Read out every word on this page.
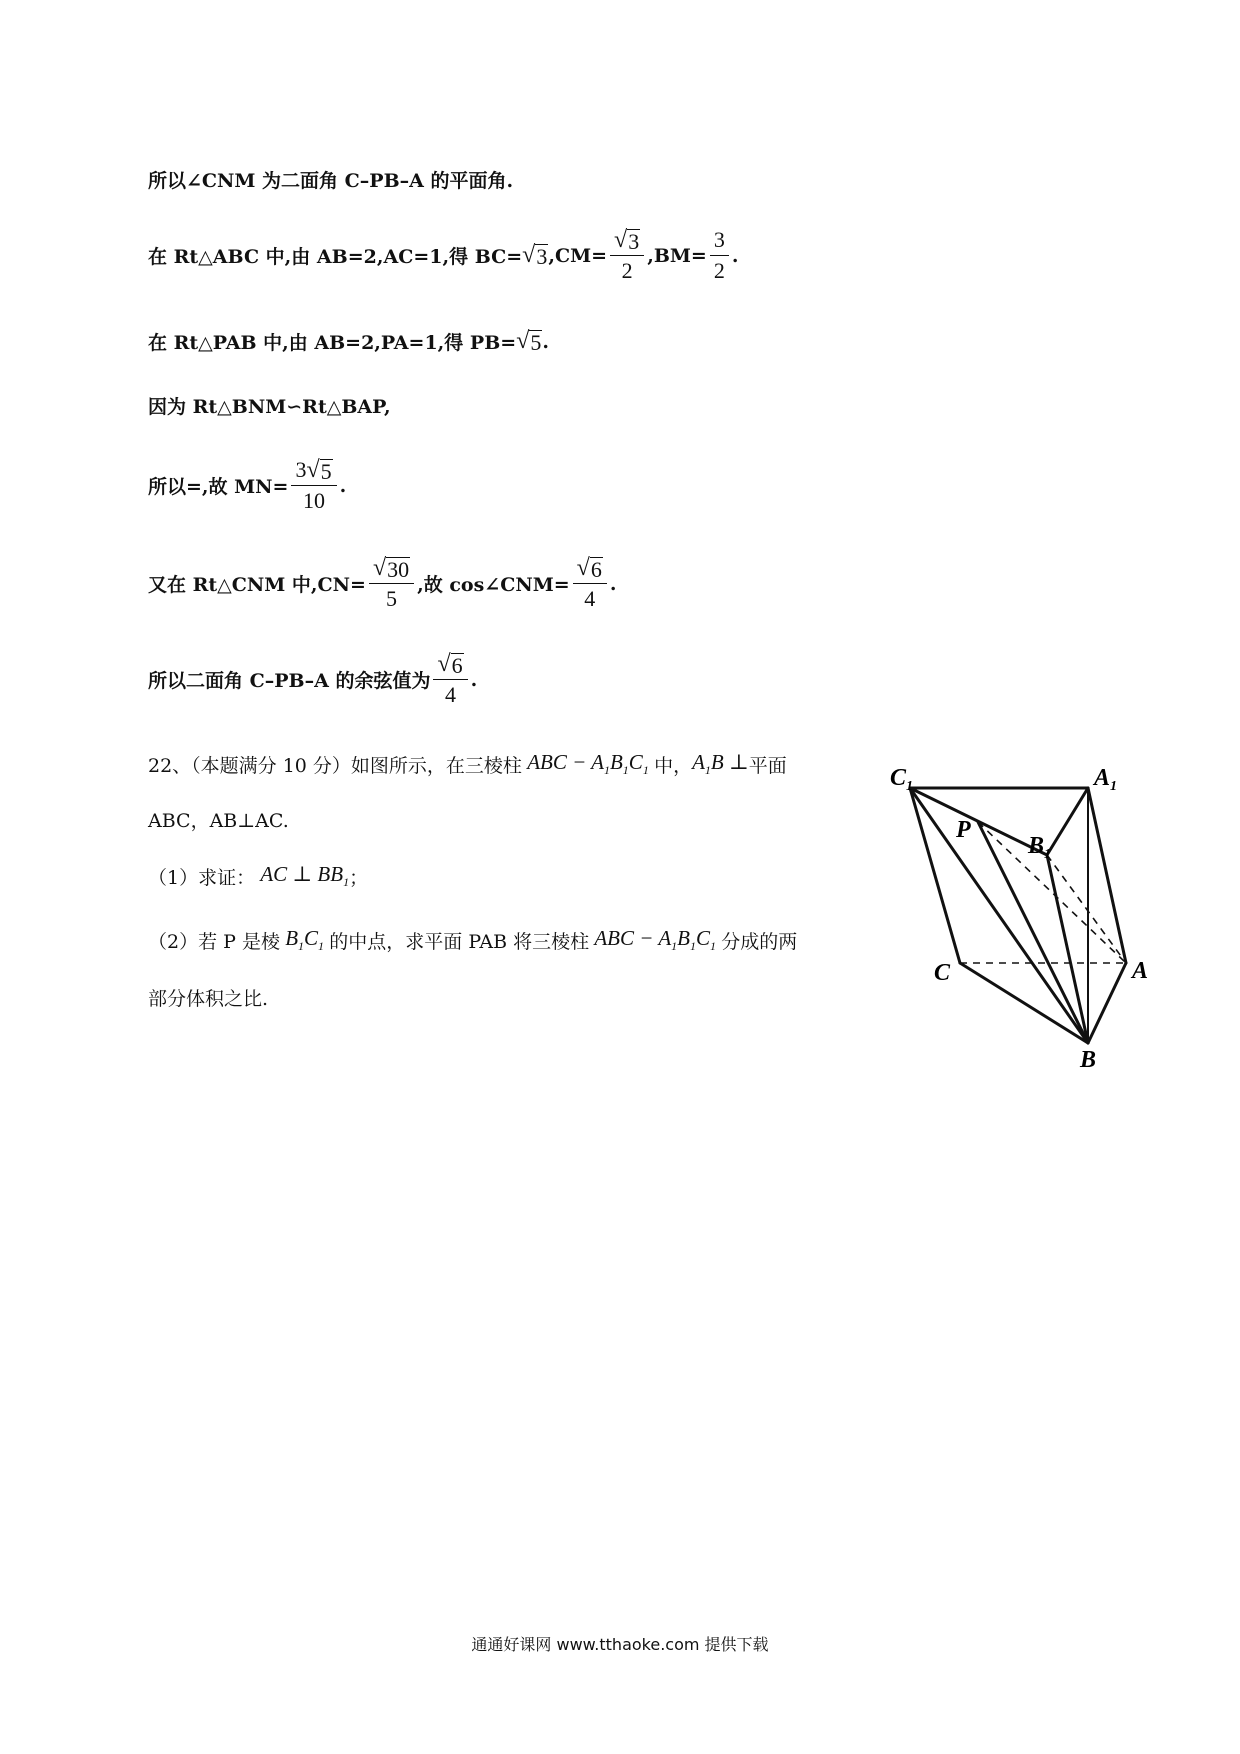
所以∠CNM 为二面角 C–PB–A 的平面角.
在 Rt△ABC 中,由 AB=2,AC=1,得 BC= √ 3 $,CM= \frac{√ 3}{2} ,BM= \frac{3}{2}$ .
在 Rt△PAB 中,由 AB=2,PA=1,得 PB= √ 5 .
因为 Rt△BNM∽Rt△BAP,
所以=,故 $MN= \frac{3 √ 5}{10}$ .
又在 Rt△CNM 中$,CN= \frac{√ 30}{5}$ ,故 cos∠CNM= $\frac{√ 6}{4}$ .
所以二面角 C–PB–A 的余弦值为 $\frac{√ 6}{4}$ .
22、（本题满分 10 分）如图所示，在三棱柱 ABC − $A_1B_1C_1$ 中， $A_1B$ ⊥ 平面
ABC，AB⊥AC.
（1）求证： AC ⊥ $BB_1$ ；
（2）若 P 是棱 $B_1C_1$ 的中点，求平面 PAB 将三棱柱 ABC − $A_1B_1C_1$ 分成的两
部分体积之比.
$C_1$	$A_1$
P
$B_1$
C	A
B
通通好课网 www.tthaoke.com 提供下载
